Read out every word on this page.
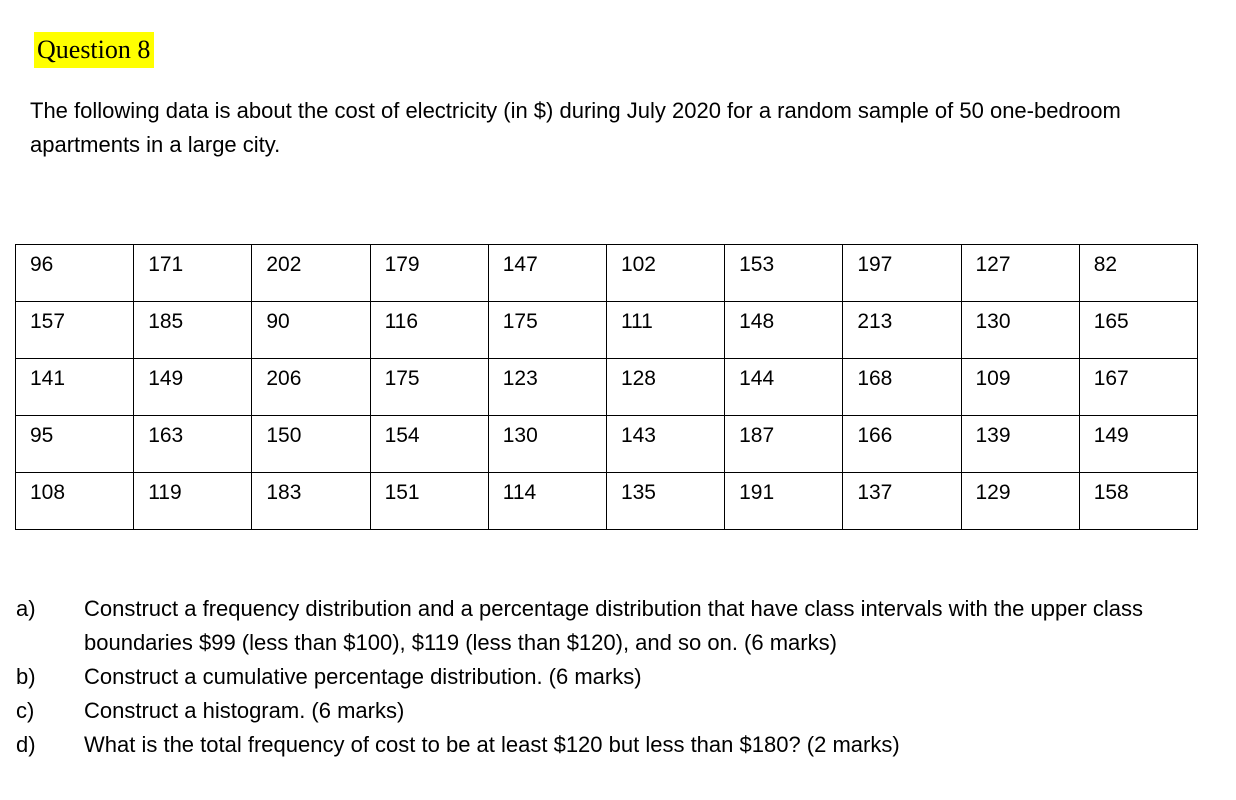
Question 8
The following data is about the cost of electricity (in $) during July 2020 for a random sample of 50 one-bedroom apartments in a large city.
96	171	202	179	147	102	153	197	127	82
157	185	90	116	175	111	148	213	130	165
141	149	206	175	123	128	144	168	109	167
95	163	150	154	130	143	187	166	139	149
108	119	183	151	114	135	191	137	129	158
a)	Construct a frequency distribution and a percentage distribution that have class intervals with the upper class boundaries $99 (less than $100), $119 (less than $120), and so on. (6 marks)
b)	Construct a cumulative percentage distribution. (6 marks)
c)	Construct a histogram. (6 marks)
d)	What is the total frequency of cost to be at least $120 but less than $180? (2 marks)
